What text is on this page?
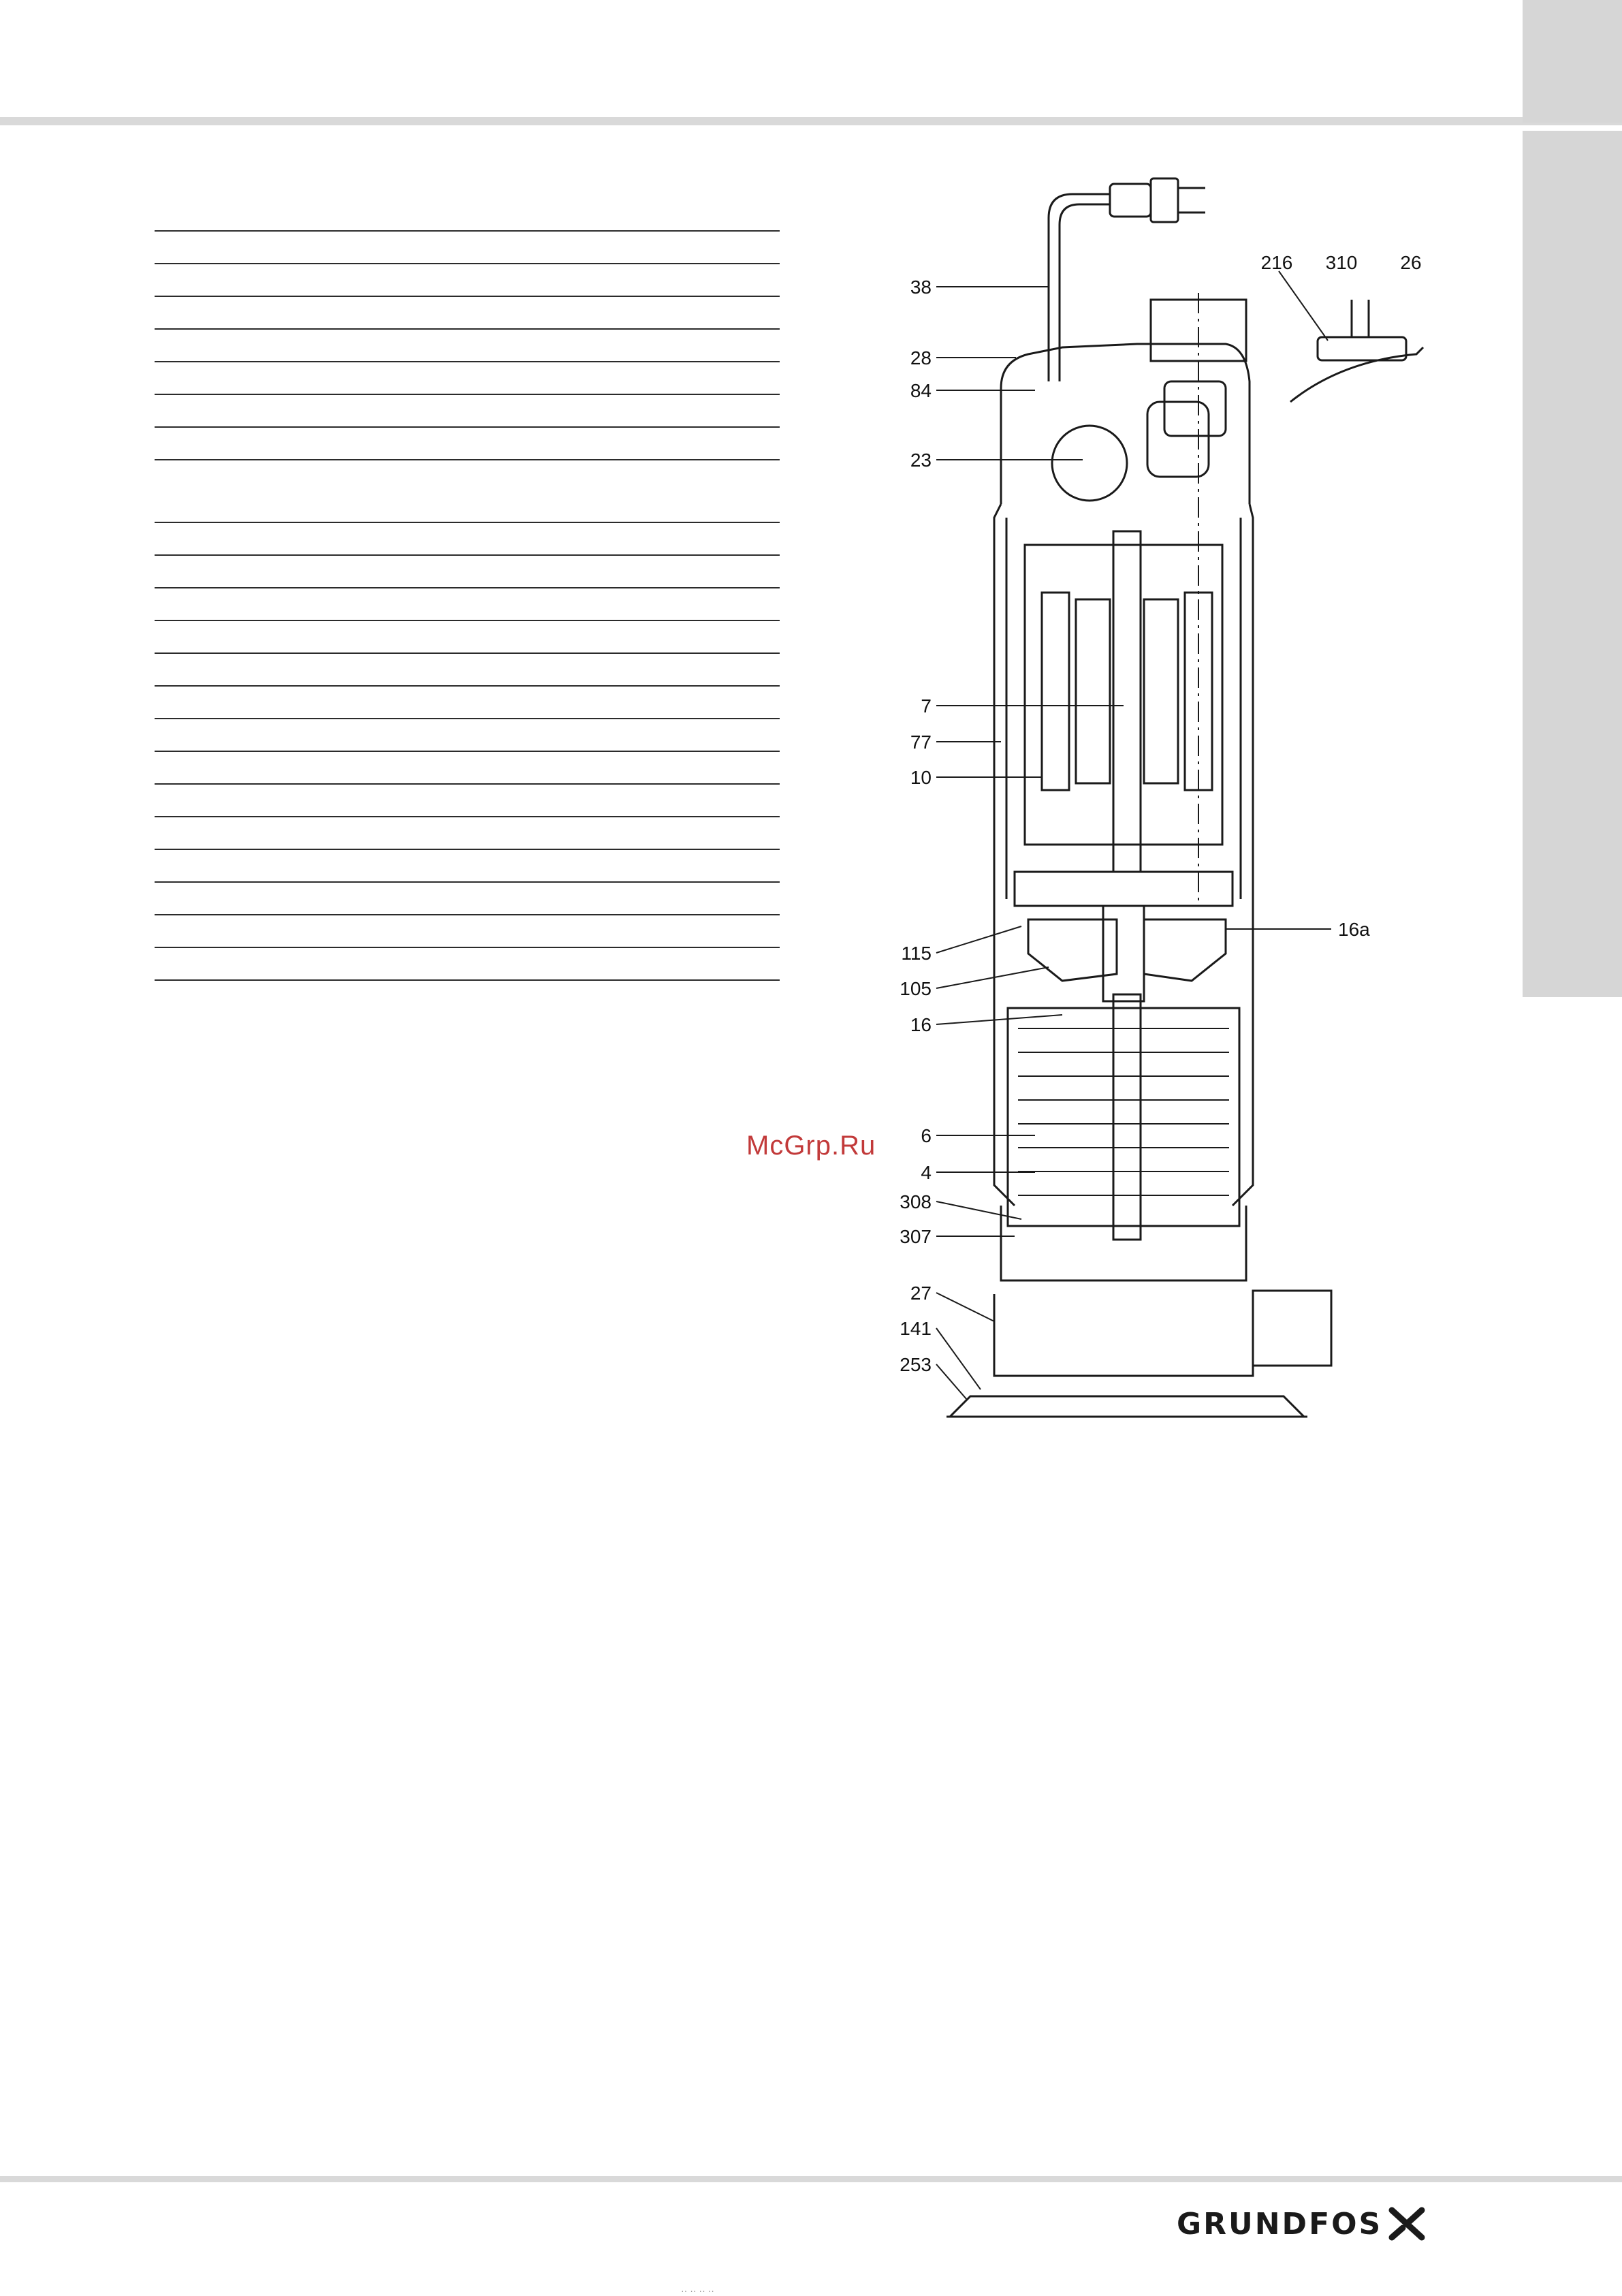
38
28
84
23
7
77
10
115
105
16
16a
6
4
308
307
27
141
253
216 310 26
McGrp.Ru
GRUNDFOS
·· ·· ·· ··
